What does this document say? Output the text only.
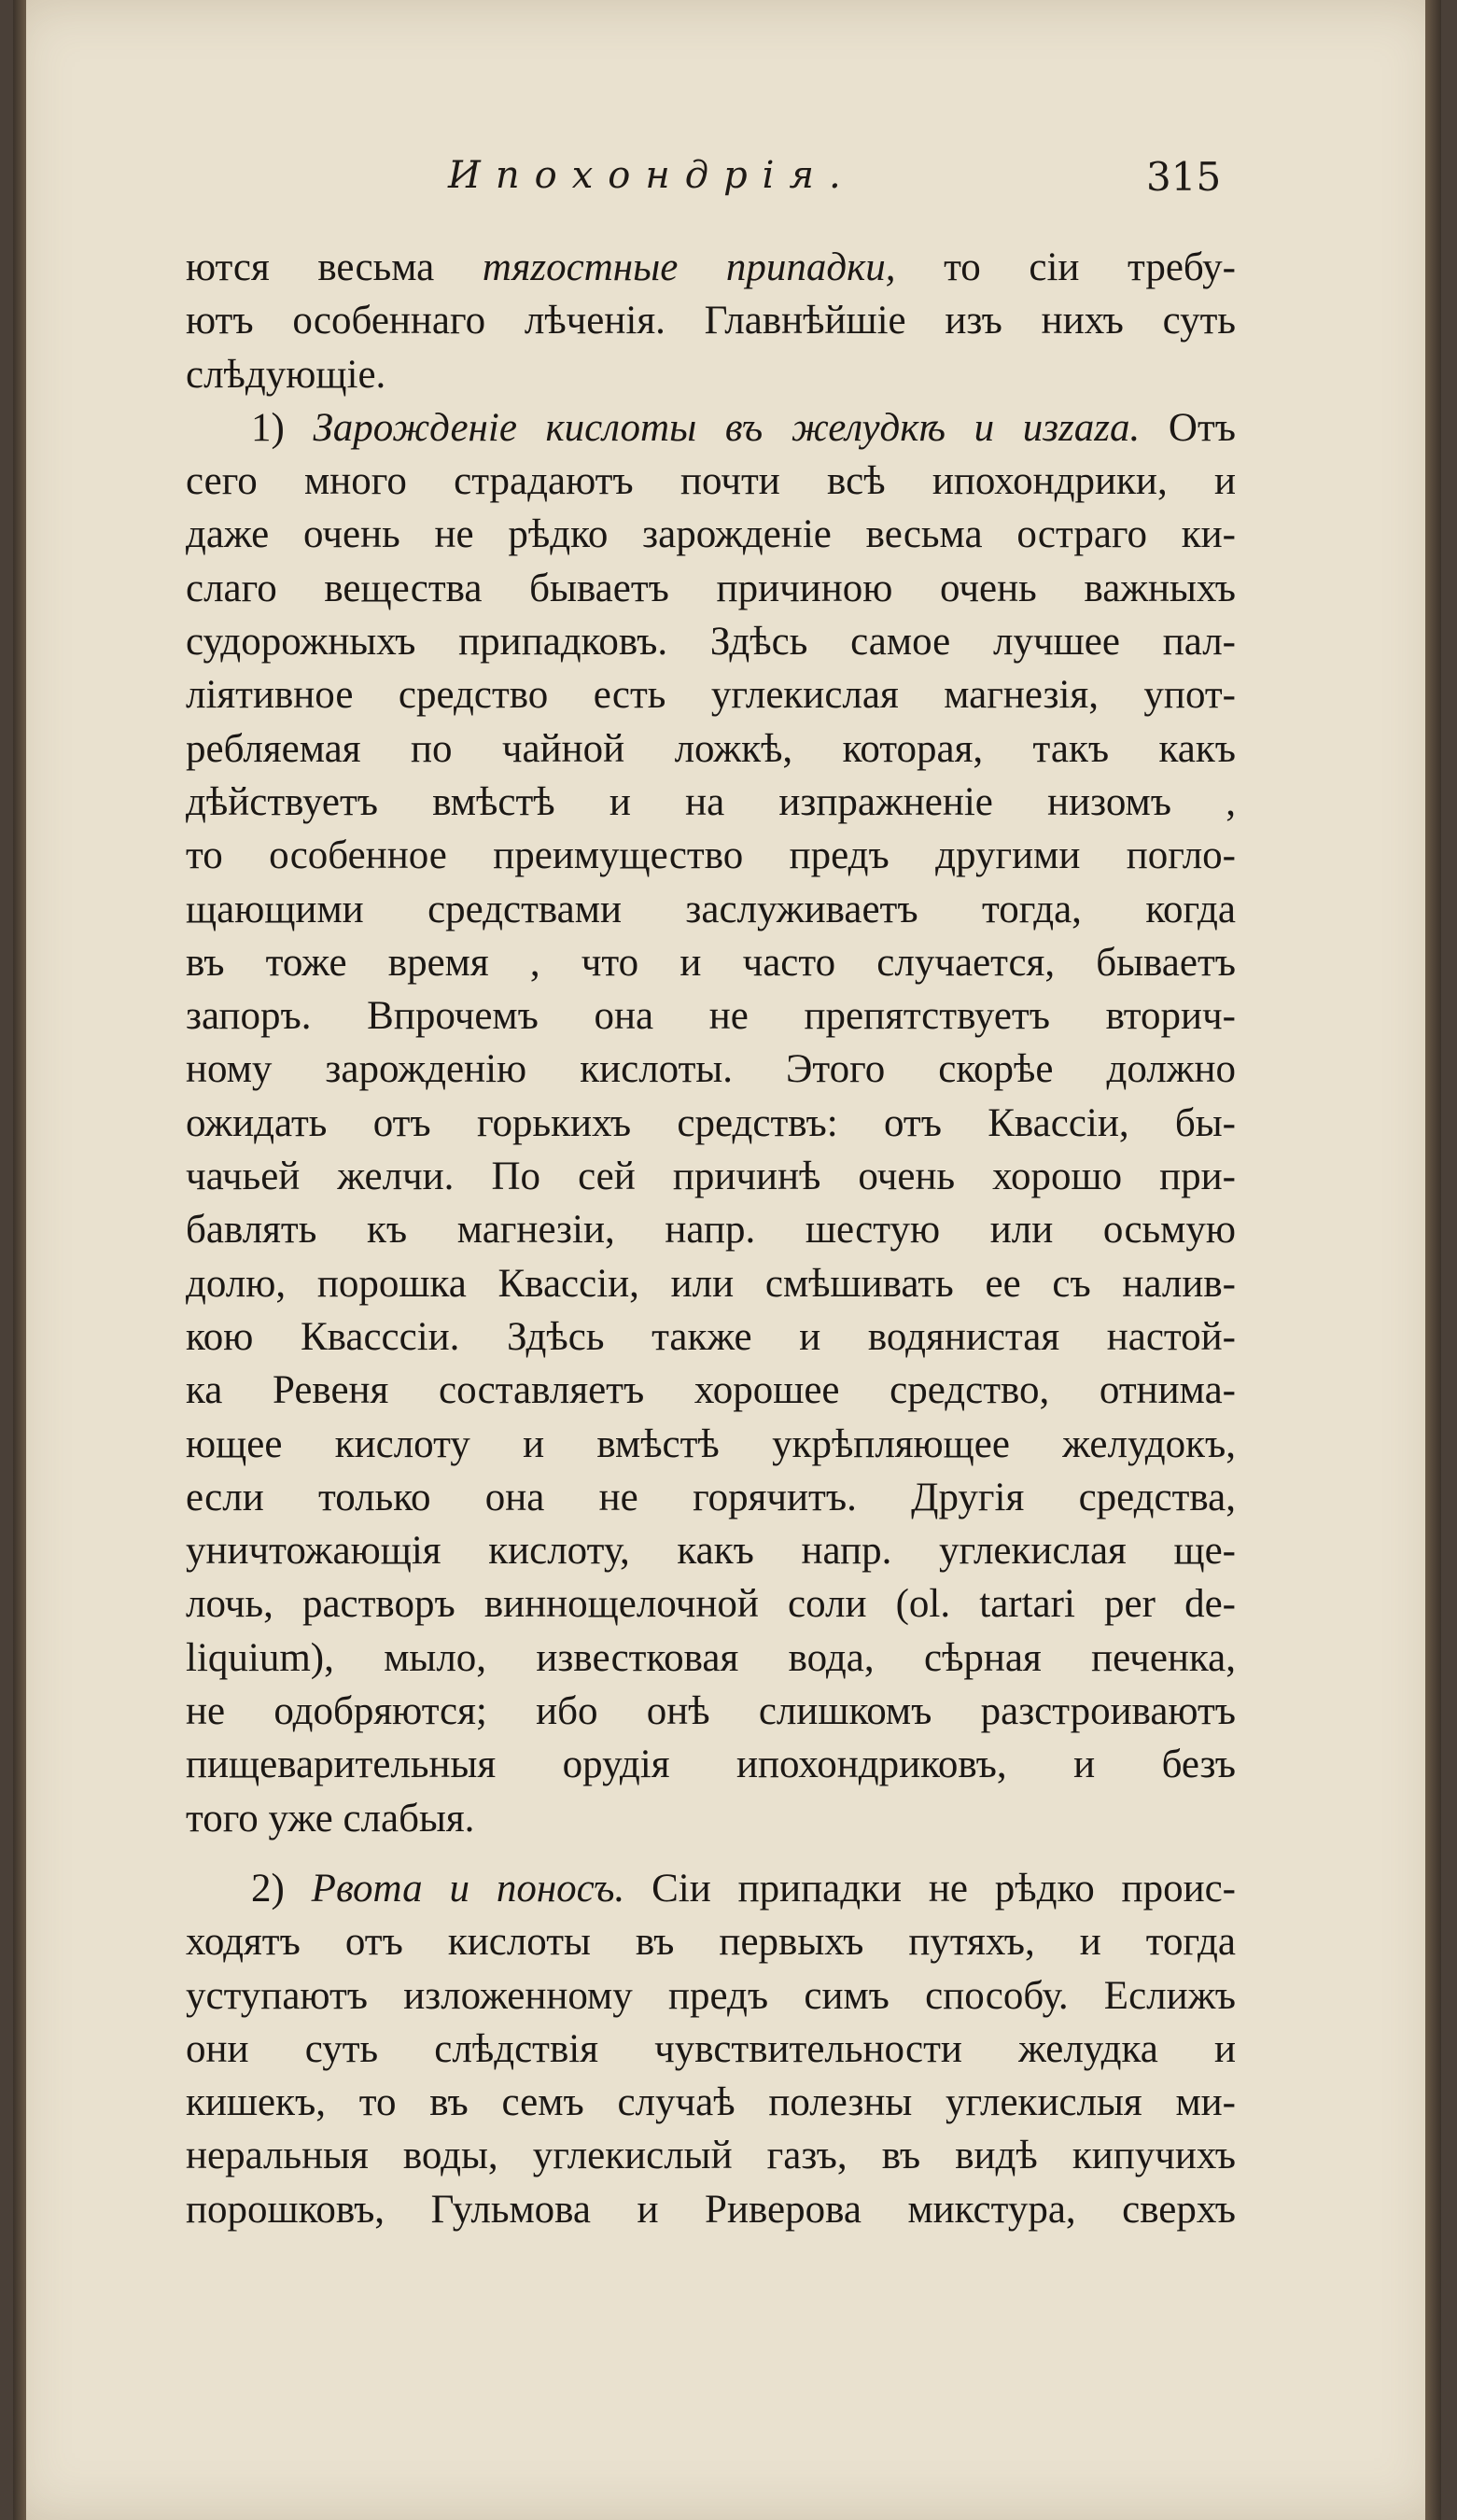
Ипохондрія.	315
ются весьма тяzостные припадки, то сіи требу-
ютъ особеннаго лѣченія. Главнѣйшіе изъ нихъ суть
слѣдующіе.
1) Зарожденіе кислоты въ желудкѣ и изzаzа. Отъ
сего много страдаютъ почти всѣ ипохондрики, и
даже очень не рѣдко зарожденіе весьма остраго ки-
слаго вещества бываетъ причиною очень важныхъ
судорожныхъ припадковъ. Здѣсь самое лучшее пал-
ліятивное средство есть углекислая магнезія, упот-
ребляемая по чайной ложкѣ, которая, такъ какъ
дѣйствуетъ вмѣстѣ и на изпражненіе низомъ ,
то особенное преимущество предъ другими погло-
щающими средствами заслуживаетъ тогда, когда
въ тоже время , что и часто случается, бываетъ
запоръ. Впрочемъ она не препятствуетъ вторич-
ному зарожденію кислоты. Этого скорѣе должно
ожидать отъ горькихъ средствъ: отъ Квассіи, бы-
чачьей желчи. По сей причинѣ очень хорошо при-
бавлять къ магнезіи, напр. шестую или осьмую
долю, порошка Квассіи, или смѣшивать ее съ налив-
кою Квасссіи. Здѣсь также и водянистая настой-
ка Ревеня составляетъ хорошее средство, отнима-
ющее кислоту и вмѣстѣ укрѣпляющее желудокъ,
если только она не горячитъ. Другія средства,
уничтожающія кислоту, какъ напр. углекислая ще-
лочь, растворъ виннощелочной соли (ol. tartari per de-
liquium), мыло, известковая вода, сѣрная печенка,
не одобряются; ибо онѣ слишкомъ разстроиваютъ
пищеварительныя орудія ипохондриковъ, и безъ
того уже слабыя.
2) Рвота и поносъ. Сіи припадки не рѣдко проис-
ходятъ отъ кислоты въ первыхъ путяхъ, и тогда
уступаютъ изложенному предъ симъ способу. Еслижъ
они суть слѣдствія чувствительности желудка и
кишекъ, то въ семъ случаѣ полезны углекислыя ми-
неральныя воды, углекислый газъ, въ видѣ кипучихъ
порошковъ, Гульмова и Риверова микстура, сверхъ
